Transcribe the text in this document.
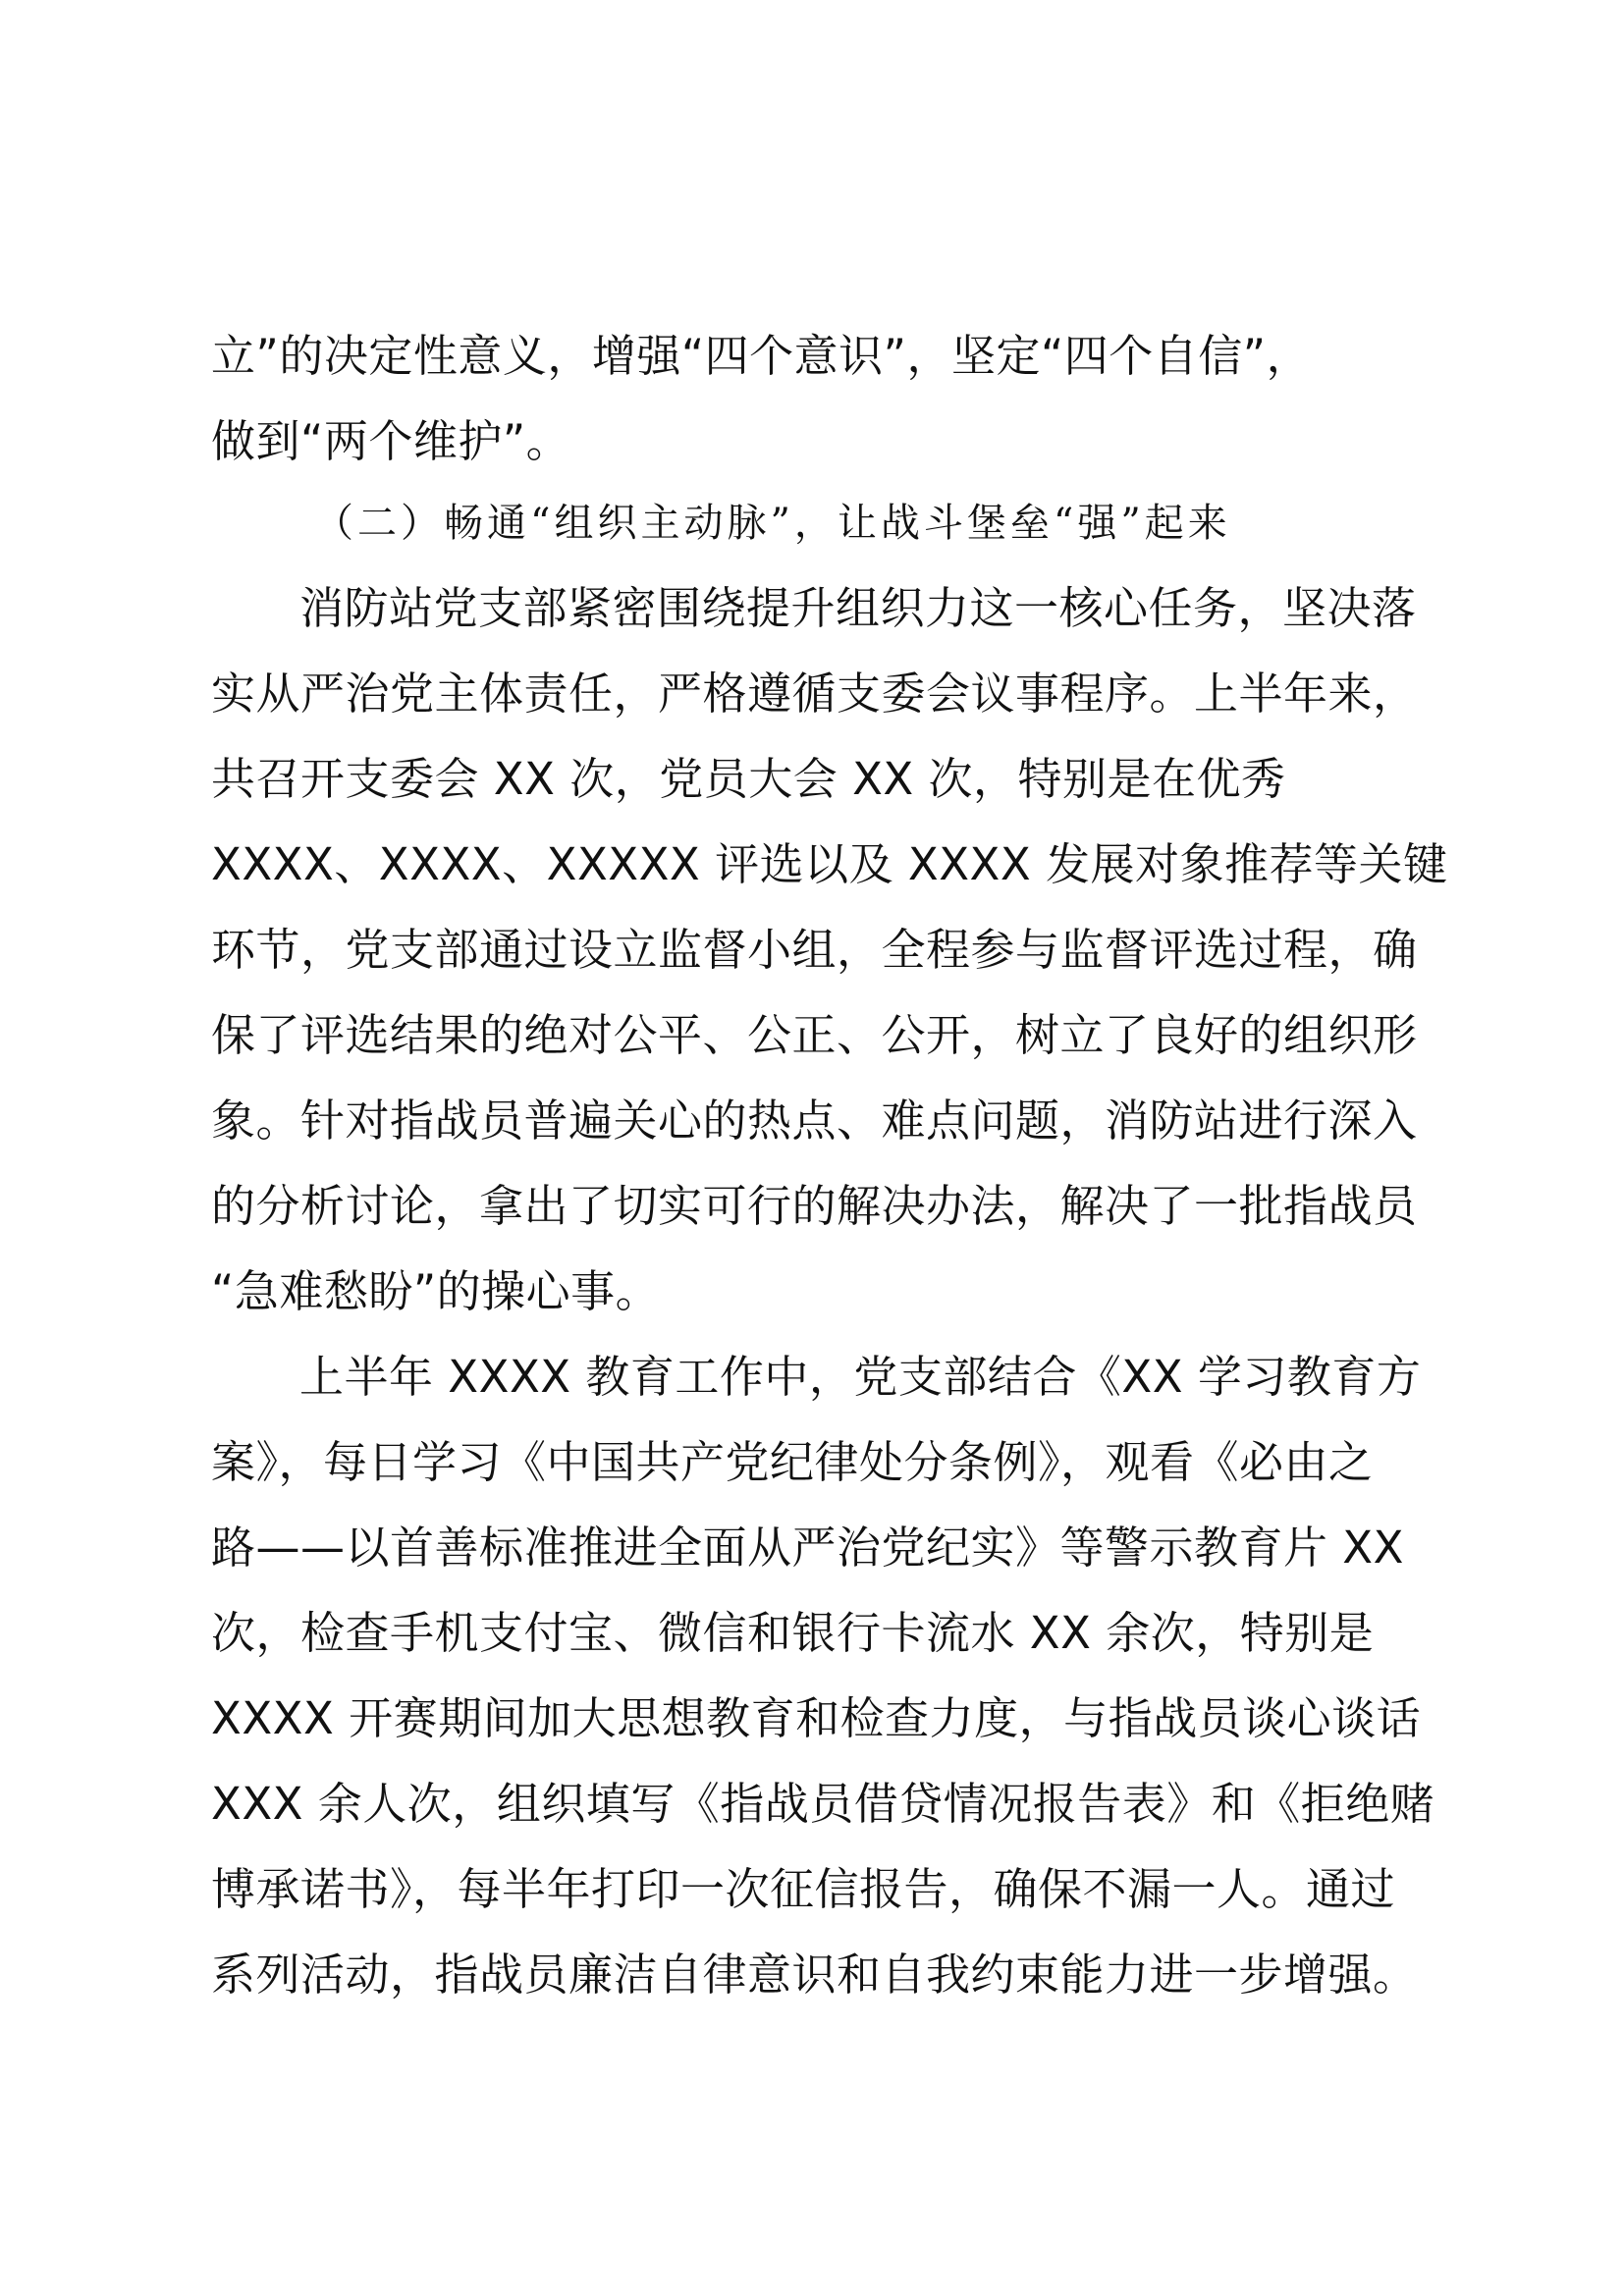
立”的决定性意义，增强“四个意识”，坚定“四个自信”，
做到“两个维护”。
（二）畅通“组织主动脉”，让战斗堡垒“强”起来
消防站党支部紧密围绕提升组织力这一核心任务，坚决落
实从严治党主体责任，严格遵循支委会议事程序。上半年来，
共召开支委会 XX 次，党员大会 XX 次，特别是在优秀
XXXX、XXXX、XXXXX 评选以及 XXXX 发展对象推荐等关键
环节，党支部通过设立监督小组，全程参与监督评选过程，确
保了评选结果的绝对公平、公正、公开，树立了良好的组织形
象。针对指战员普遍关心的热点、难点问题，消防站进行深入
的分析讨论，拿出了切实可行的解决办法，解决了一批指战员
“急难愁盼”的操心事。
上半年 XXXX 教育工作中，党支部结合《XX 学习教育方
案》，每日学习《中国共产党纪律处分条例》，观看《必由之
路——以首善标准推进全面从严治党纪实》等警示教育片 XX
次，检查手机支付宝、微信和银行卡流水 XX 余次，特别是
XXXX 开赛期间加大思想教育和检查力度，与指战员谈心谈话
XXX 余人次，组织填写《指战员借贷情况报告表》和《拒绝赌
博承诺书》，每半年打印一次征信报告，确保不漏一人。通过
系列活动，指战员廉洁自律意识和自我约束能力进一步增强。
